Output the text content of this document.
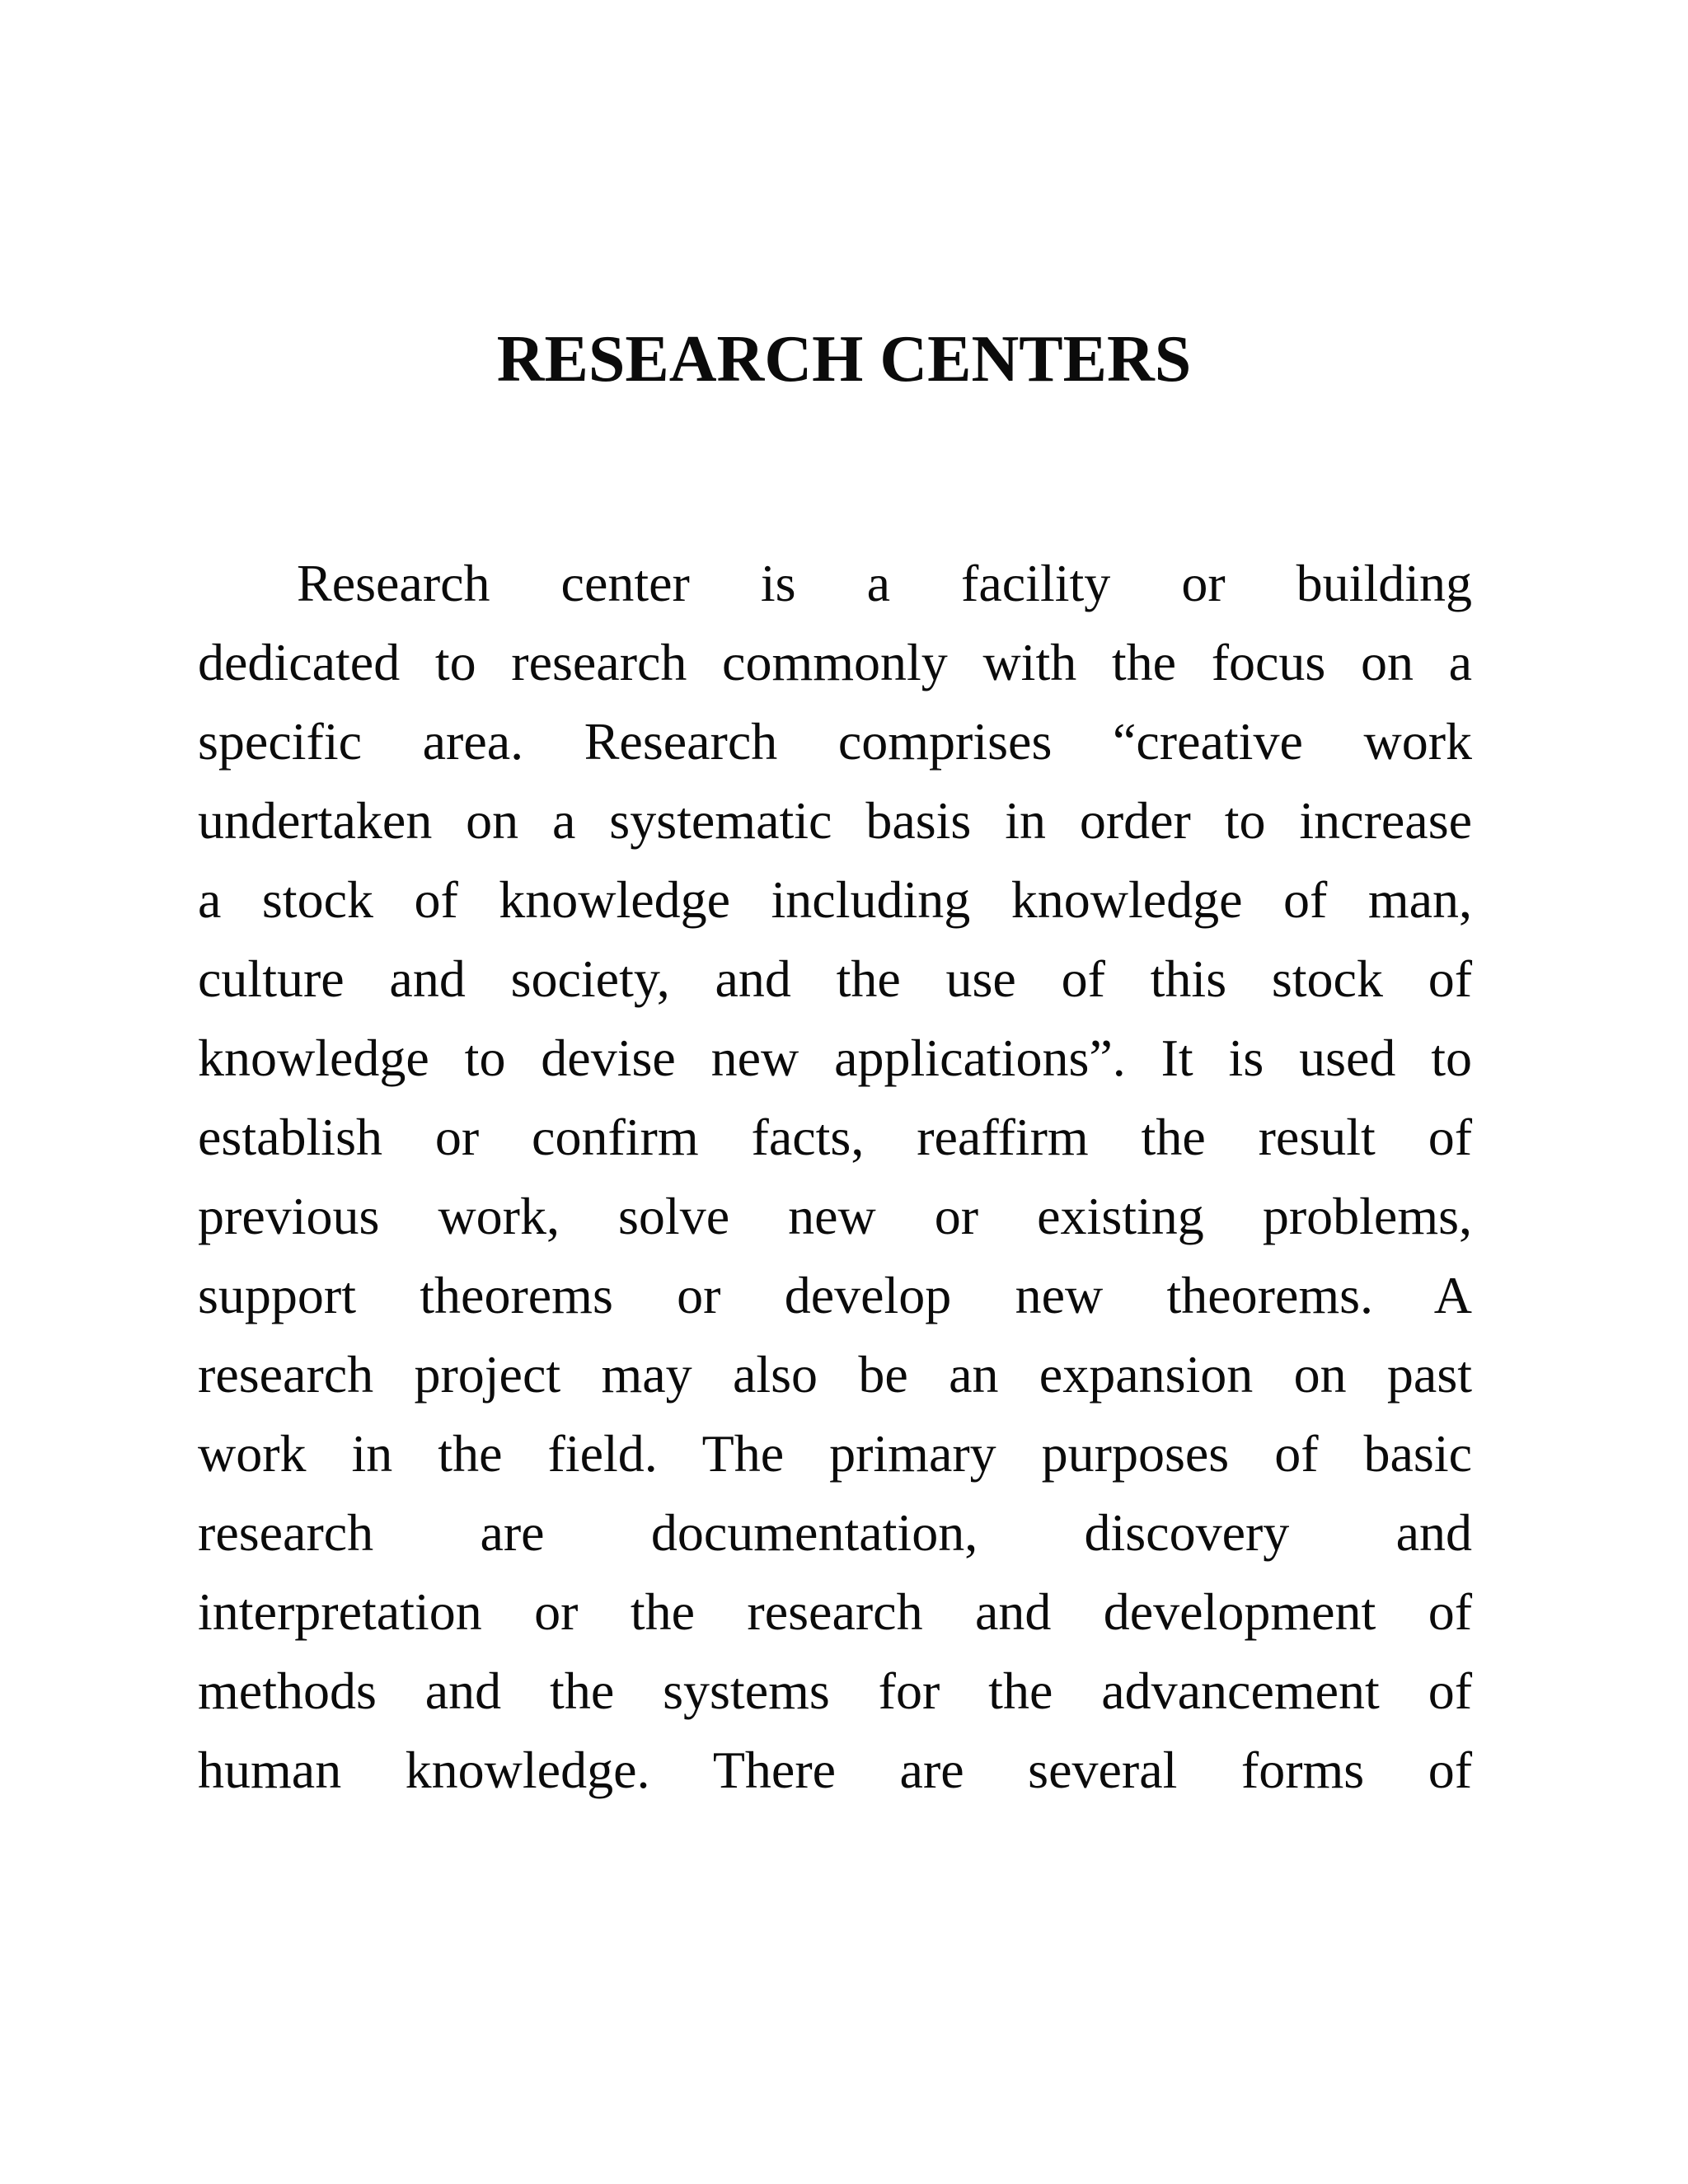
RESEARCH CENTERS
Research center is a facility or building
dedicated to research commonly with the focus on a
specific area. Research comprises “creative work
undertaken on a systematic basis in order to increase
a stock of knowledge including knowledge of man,
culture and society, and the use of this stock of
knowledge to devise new applications”. It is used to
establish or confirm facts, reaffirm the result of
previous work, solve new or existing problems,
support theorems or develop new theorems. A
research project may also be an expansion on past
work in the field. The primary purposes of basic
research are documentation, discovery and
interpretation or the research and development of
methods and the systems for the advancement of
human knowledge. There are several forms of
